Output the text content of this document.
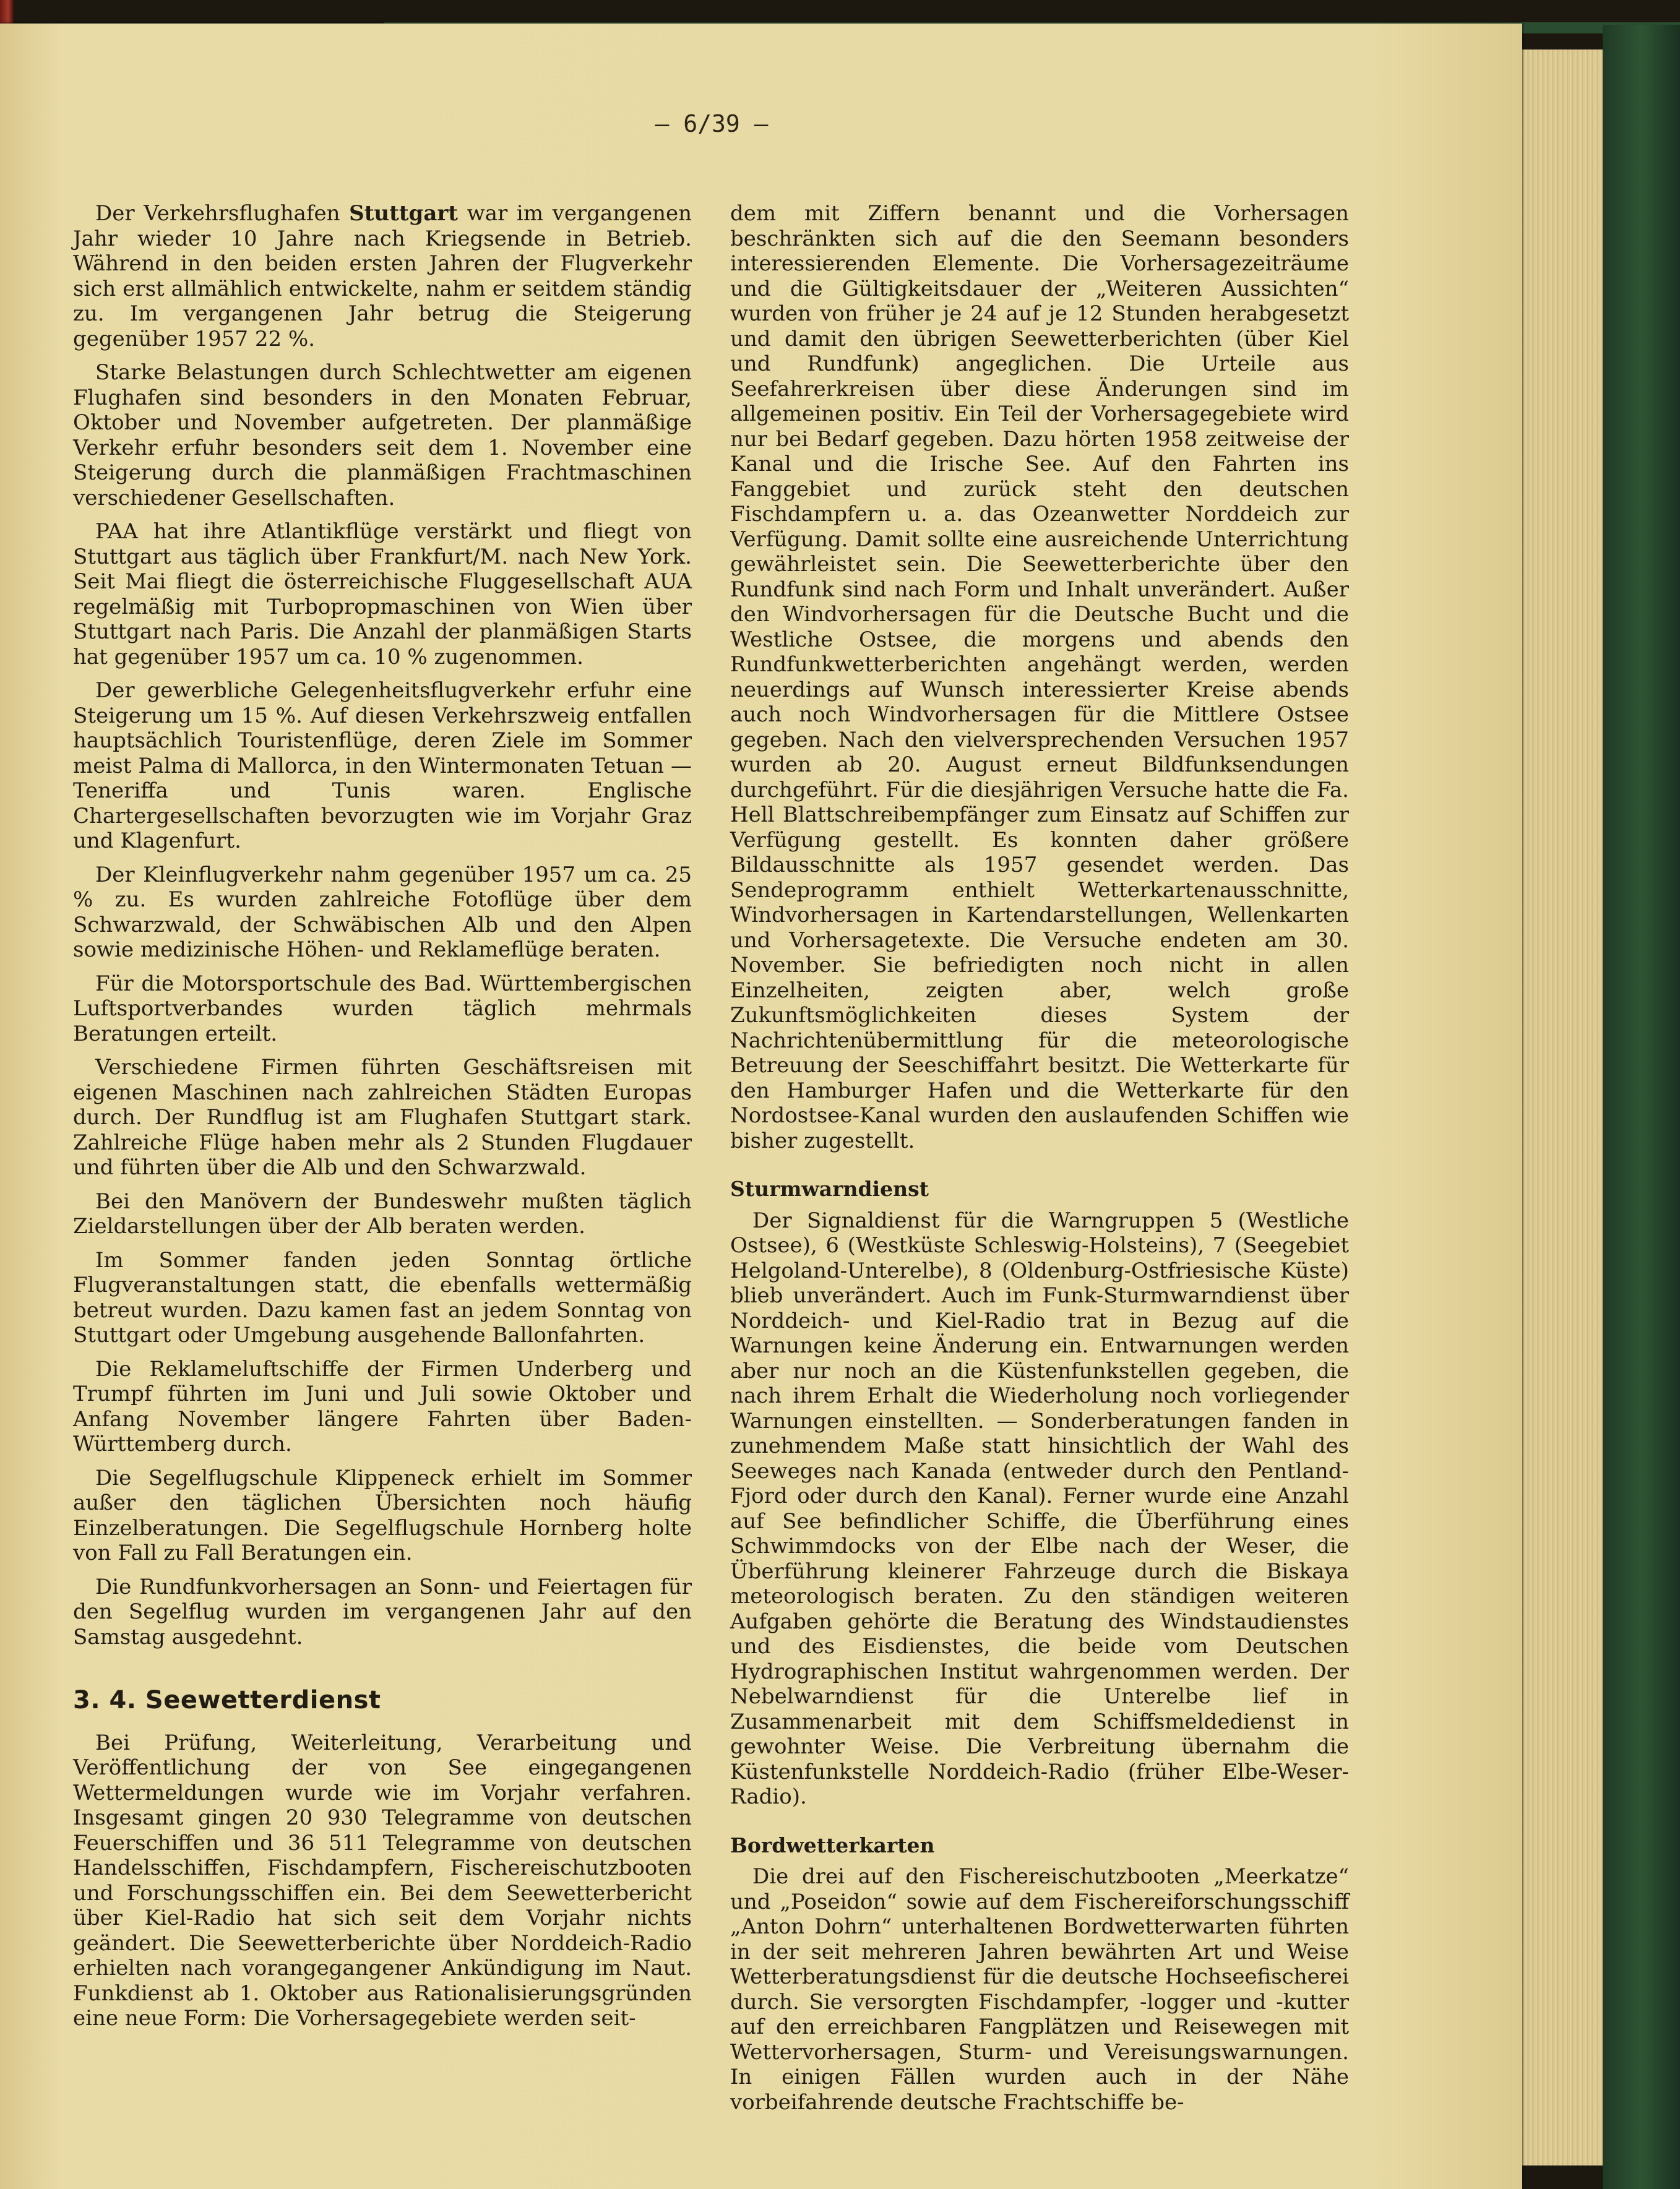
— 6/39 —

Der Verkehrsflughafen Stuttgart war im vergangenen Jahr wieder 10 Jahre nach Kriegsende in Betrieb. Während in den beiden ersten Jahren der Flugverkehr sich erst allmählich entwickelte, nahm er seitdem ständig zu. Im vergangenen Jahr betrug die Steigerung gegenüber 1957 22 %.

Starke Belastungen durch Schlechtwetter am eigenen Flughafen sind besonders in den Monaten Februar, Oktober und November aufgetreten. Der planmäßige Verkehr erfuhr besonders seit dem 1. November eine Steigerung durch die planmäßigen Frachtmaschinen verschiedener Gesellschaften.

PAA hat ihre Atlantikflüge verstärkt und fliegt von Stuttgart aus täglich über Frankfurt/M. nach New York. Seit Mai fliegt die österreichische Fluggesellschaft AUA regelmäßig mit Turbopropmaschinen von Wien über Stuttgart nach Paris. Die Anzahl der planmäßigen Starts hat gegenüber 1957 um ca. 10 % zugenommen.

Der gewerbliche Gelegenheitsflugverkehr erfuhr eine Steigerung um 15 %. Auf diesen Verkehrszweig entfallen hauptsächlich Touristenflüge, deren Ziele im Sommer meist Palma di Mallorca, in den Wintermonaten Tetuan — Teneriffa und Tunis waren. Englische Chartergesellschaften bevorzugten wie im Vorjahr Graz und Klagenfurt.

Der Kleinflugverkehr nahm gegenüber 1957 um ca. 25 % zu. Es wurden zahlreiche Fotoflüge über dem Schwarzwald, der Schwäbischen Alb und den Alpen sowie medizinische Höhen- und Reklameflüge beraten.

Für die Motorsportschule des Bad. Württembergischen Luftsportverbandes wurden täglich mehrmals Beratungen erteilt.

Verschiedene Firmen führten Geschäftsreisen mit eigenen Maschinen nach zahlreichen Städten Europas durch. Der Rundflug ist am Flughafen Stuttgart stark. Zahlreiche Flüge haben mehr als 2 Stunden Flugdauer und führten über die Alb und den Schwarzwald.

Bei den Manövern der Bundeswehr mußten täglich Zieldarstellungen über der Alb beraten werden.

Im Sommer fanden jeden Sonntag örtliche Flugveranstaltungen statt, die ebenfalls wettermäßig betreut wurden. Dazu kamen fast an jedem Sonntag von Stuttgart oder Umgebung ausgehende Ballonfahrten.

Die Reklameluftschiffe der Firmen Underberg und Trumpf führten im Juni und Juli sowie Oktober und Anfang November längere Fahrten über Baden-Württemberg durch.

Die Segelflugschule Klippeneck erhielt im Sommer außer den täglichen Übersichten noch häufig Einzelberatungen. Die Segelflugschule Hornberg holte von Fall zu Fall Beratungen ein.

Die Rundfunkvorhersagen an Sonn- und Feiertagen für den Segelflug wurden im vergangenen Jahr auf den Samstag ausgedehnt.

3. 4. Seewetterdienst

Bei Prüfung, Weiterleitung, Verarbeitung und Veröffentlichung der von See eingegangenen Wettermeldungen wurde wie im Vorjahr verfahren. Insgesamt gingen 20 930 Telegramme von deutschen Feuerschiffen und 36 511 Telegramme von deutschen Handelsschiffen, Fischdampfern, Fischereischutzbooten und Forschungsschiffen ein. Bei dem Seewetterbericht über Kiel-Radio hat sich seit dem Vorjahr nichts geändert. Die Seewetterberichte über Norddeich-Radio erhielten nach vorangegangener Ankündigung im Naut. Funkdienst ab 1. Oktober aus Rationalisierungsgründen eine neue Form: Die Vorhersagegebiete werden seit-

dem mit Ziffern benannt und die Vorhersagen beschränkten sich auf die den Seemann besonders interessierenden Elemente. Die Vorhersagezeiträume und die Gültigkeitsdauer der „Weiteren Aussichten“ wurden von früher je 24 auf je 12 Stunden herabgesetzt und damit den übrigen Seewetterberichten (über Kiel und Rundfunk) angeglichen. Die Urteile aus Seefahrerkreisen über diese Änderungen sind im allgemeinen positiv. Ein Teil der Vorhersagegebiete wird nur bei Bedarf gegeben. Dazu hörten 1958 zeitweise der Kanal und die Irische See. Auf den Fahrten ins Fanggebiet und zurück steht den deutschen Fischdampfern u. a. das Ozeanwetter Norddeich zur Verfügung. Damit sollte eine ausreichende Unterrichtung gewährleistet sein. Die Seewetterberichte über den Rundfunk sind nach Form und Inhalt unverändert. Außer den Windvorhersagen für die Deutsche Bucht und die Westliche Ostsee, die morgens und abends den Rundfunkwetterberichten angehängt werden, werden neuerdings auf Wunsch interessierter Kreise abends auch noch Windvorhersagen für die Mittlere Ostsee gegeben. Nach den vielversprechenden Versuchen 1957 wurden ab 20. August erneut Bildfunksendungen durchgeführt. Für die diesjährigen Versuche hatte die Fa. Hell Blattschreibempfänger zum Einsatz auf Schiffen zur Verfügung gestellt. Es konnten daher größere Bildausschnitte als 1957 gesendet werden. Das Sendeprogramm enthielt Wetterkartenausschnitte, Windvorhersagen in Kartendarstellungen, Wellenkarten und Vorhersagetexte. Die Versuche endeten am 30. November. Sie befriedigten noch nicht in allen Einzelheiten, zeigten aber, welch große Zukunftsmöglichkeiten dieses System der Nachrichtenübermittlung für die meteorologische Betreuung der Seeschiffahrt besitzt. Die Wetterkarte für den Hamburger Hafen und die Wetterkarte für den Nordostsee-Kanal wurden den auslaufenden Schiffen wie bisher zugestellt.

Sturmwarndienst

Der Signaldienst für die Warngruppen 5 (Westliche Ostsee), 6 (Westküste Schleswig-Holsteins), 7 (Seegebiet Helgoland-Unterelbe), 8 (Oldenburg-Ostfriesische Küste) blieb unverändert. Auch im Funk-Sturmwarndienst über Norddeich- und Kiel-Radio trat in Bezug auf die Warnungen keine Änderung ein. Entwarnungen werden aber nur noch an die Küstenfunkstellen gegeben, die nach ihrem Erhalt die Wiederholung noch vorliegender Warnungen einstellten. — Sonderberatungen fanden in zunehmendem Maße statt hinsichtlich der Wahl des Seeweges nach Kanada (entweder durch den Pentland-Fjord oder durch den Kanal). Ferner wurde eine Anzahl auf See befindlicher Schiffe, die Überführung eines Schwimmdocks von der Elbe nach der Weser, die Überführung kleinerer Fahrzeuge durch die Biskaya meteorologisch beraten. Zu den ständigen weiteren Aufgaben gehörte die Beratung des Windstaudienstes und des Eisdienstes, die beide vom Deutschen Hydrographischen Institut wahrgenommen werden. Der Nebelwarndienst für die Unterelbe lief in Zusammenarbeit mit dem Schiffsmeldedienst in gewohnter Weise. Die Verbreitung übernahm die Küstenfunkstelle Norddeich-Radio (früher Elbe-Weser-Radio).

Bordwetterkarten

Die drei auf den Fischereischutzbooten „Meerkatze“ und „Poseidon“ sowie auf dem Fischereiforschungsschiff „Anton Dohrn“ unterhaltenen Bordwetterwarten führten in der seit mehreren Jahren bewährten Art und Weise Wetterberatungsdienst für die deutsche Hochseefischerei durch. Sie versorgten Fischdampfer, -logger und -kutter auf den erreichbaren Fangplätzen und Reisewegen mit Wettervorhersagen, Sturm- und Vereisungswarnungen. In einigen Fällen wurden auch in der Nähe vorbeifahrende deutsche Frachtschiffe be-
